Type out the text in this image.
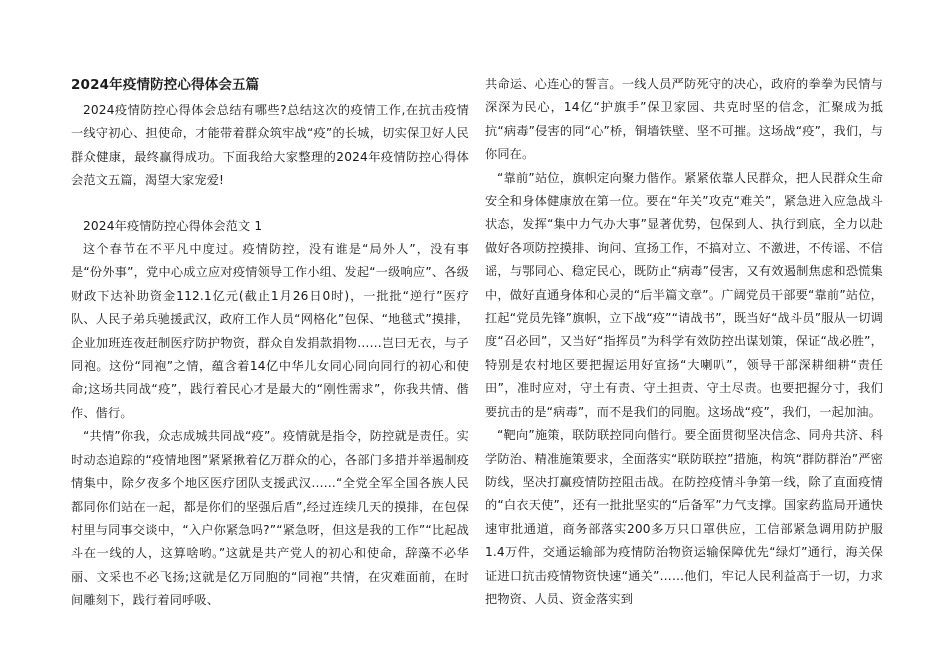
2024年疫情防控心得体会五篇

2024疫情防控心得体会总结有哪些?总结这次的疫情工作,在抗击疫情一线守初心、担使命，才能带着群众筑牢战“疫”的长城，切实保卫好人民群众健康，最终赢得成功。下面我给大家整理的2024年疫情防控心得体会范文五篇，渴望大家宠爱!

2024年疫情防控心得体会范文 1

这个春节在不平凡中度过。疫情防控，没有谁是“局外人”，没有事是“份外事”，党中心成立应对疫情领导工作小组、发起“一级响应”、各级财政下达补助资金112.1亿元(截止1月26日0时)，一批批“逆行”医疗队、人民子弟兵驰援武汉，政府工作人员“网格化”包保、“地毯式”摸排，企业加班连夜赶制医疗防护物资，群众自发捐款捐物……岂曰无衣，与子同袍。这份“同袍”之情，蕴含着14亿中华儿女同心同向同行的初心和使命;这场共同战“疫”，践行着民心才是最大的“刚性需求”，你我共情、偕作、偕行。

“共情”你我，众志成城共同战“疫”。疫情就是指令，防控就是责任。实时动态追踪的“疫情地图”紧紧揪着亿万群众的心，各部门多措并举遏制疫情集中，除夕夜多个地区医疗团队支援武汉……“全党全军全国各族人民都同你们站在一起，都是你们的坚强后盾”,经过连续几天的摸排，在包保村里与同事交谈中，“入户你紧急吗?”“紧急呀，但这是我的工作”“比起战斗在一线的人，这算啥哟。”这就是共产党人的初心和使命，辞藻不必华丽、文采也不必飞扬;这就是亿万同胞的“同袍”共情，在灾难面前，在时间雕刻下，践行着同呼吸、

共命运、心连心的誓言。一线人员严防死守的决心，政府的拳拳为民情与深深为民心，14亿“护旗手”保卫家园、共克时坚的信念，汇聚成为抵抗“病毒”侵害的同“心”桥，铜墙铁壁、坚不可摧。这场战“疫”，我们，与你同在。

“靠前”站位，旗帜定向聚力偕作。紧紧依靠人民群众，把人民群众生命安全和身体健康放在第一位。要在“年关”攻克“难关”，紧急进入应急战斗状态，发挥“集中力气办大事”显著优势，包保到人、执行到底，全力以赴做好各项防控摸排、询问、宣扬工作，不搞对立、不激进，不传谣、不信谣，与鄂同心、稳定民心，既防止“病毒”侵害，又有效遏制焦虑和恐慌集中，做好直通身体和心灵的“后半篇文章”。广阔党员干部要“靠前”站位，扛起“党员先锋”旗帜，立下战“疫”“请战书”，既当好“战斗员”服从一切调度“召必回”，又当好“指挥员”为科学有效防控出谋划策，保证“战必胜”，特别是农村地区要把握运用好宣扬“大喇叭”，领导干部深耕细耕“责任田”，准时应对，守土有责、守土担责、守土尽责。也要把握分寸，我们要抗击的是“病毒”，而不是我们的同胞。这场战“疫”，我们，一起加油。

“靶向”施策，联防联控同向偕行。要全面贯彻坚决信念、同舟共济、科学防治、精准施策要求，全面落实“联防联控”措施，构筑“群防群治”严密防线，坚决打赢疫情防控阻击战。在防控疫情斗争第一线，除了直面疫情的“白衣天使”，还有一批批坚实的“后备军”力气支撑。国家药监局开通快速审批通道，商务部落实200多万只口罩供应，工信部紧急调用防护服1.4万件，交通运输部为疫情防治物资运输保障优先“绿灯”通行，海关保证进口抗击疫情物资快速“通关”……他们，牢记人民利益高于一切，力求把物资、人员、资金落实到
